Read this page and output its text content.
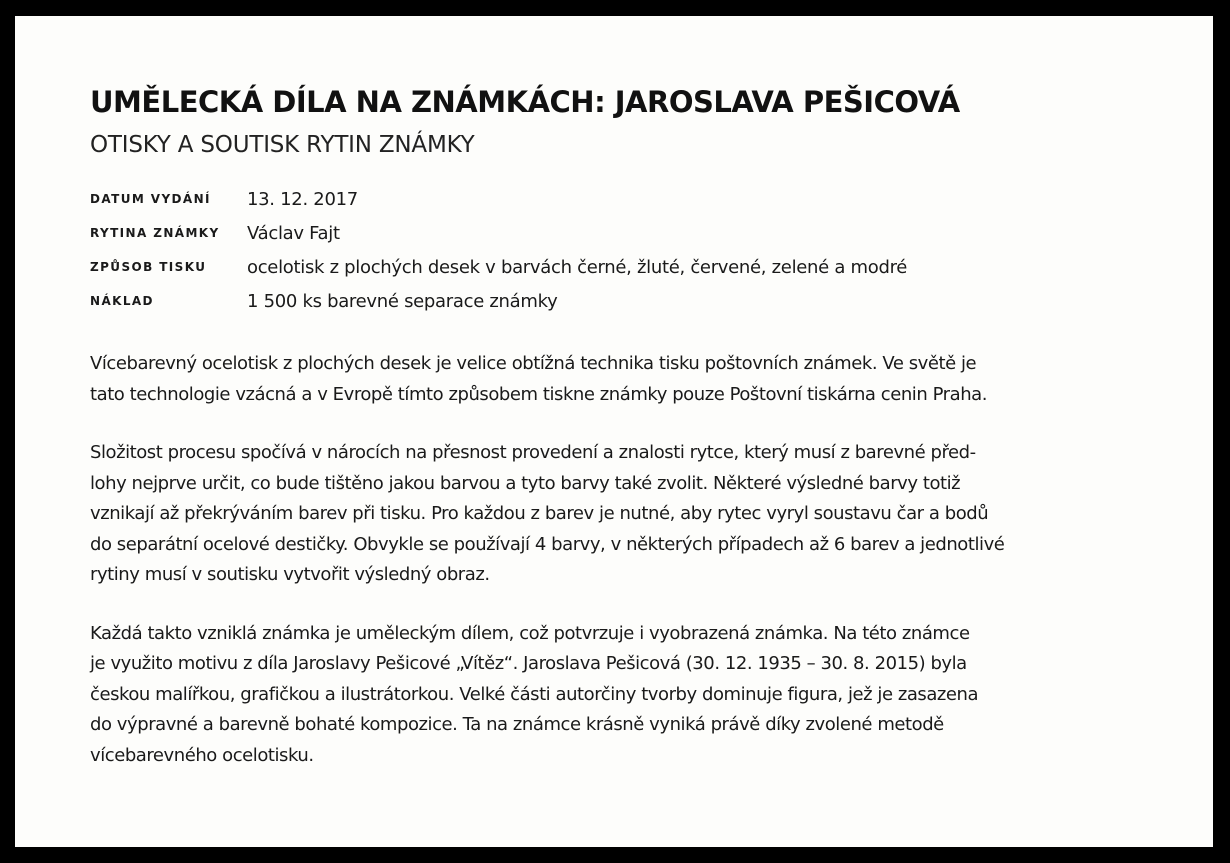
UMĚLECKÁ DÍLA NA ZNÁMKÁCH: JAROSLAVA PEŠICOVÁ
OTISKY A SOUTISK RYTIN ZNÁMKY
DATUM VYDÁNÍ	13. 12. 2017
RYTINA ZNÁMKY	Václav Fajt
ZPŮSOB TISKU	ocelotisk z plochých desek v barvách černé, žluté, červené, zelené a modré
NÁKLAD	1 500 ks barevné separace známky

Vícebarevný ocelotisk z plochých desek je velice obtížná technika tisku poštovních známek. Ve světě je
tato technologie vzácná a v Evropě tímto způsobem tiskne známky pouze Poštovní tiskárna cenin Praha.

Složitost procesu spočívá v nárocích na přesnost provedení a znalosti rytce, který musí z barevné před-
lohy nejprve určit, co bude tištěno jakou barvou a tyto barvy také zvolit. Některé výsledné barvy totiž
vznikají až překrýváním barev při tisku. Pro každou z barev je nutné, aby rytec vyryl soustavu čar a bodů
do separátní ocelové destičky. Obvykle se používají 4 barvy, v některých případech až 6 barev a jednotlivé
rytiny musí v soutisku vytvořit výsledný obraz.

Každá takto vzniklá známka je uměleckým dílem, což potvrzuje i vyobrazená známka. Na této známce
je využito motivu z díla Jaroslavy Pešicové „Vítěz“. Jaroslava Pešicová (30. 12. 1935 – 30. 8. 2015) byla
českou malířkou, grafičkou a ilustrátorkou. Velké části autorčiny tvorby dominuje figura, jež je zasazena
do výpravné a barevně bohaté kompozice. Ta na známce krásně vyniká právě díky zvolené metodě
vícebarevného ocelotisku.
